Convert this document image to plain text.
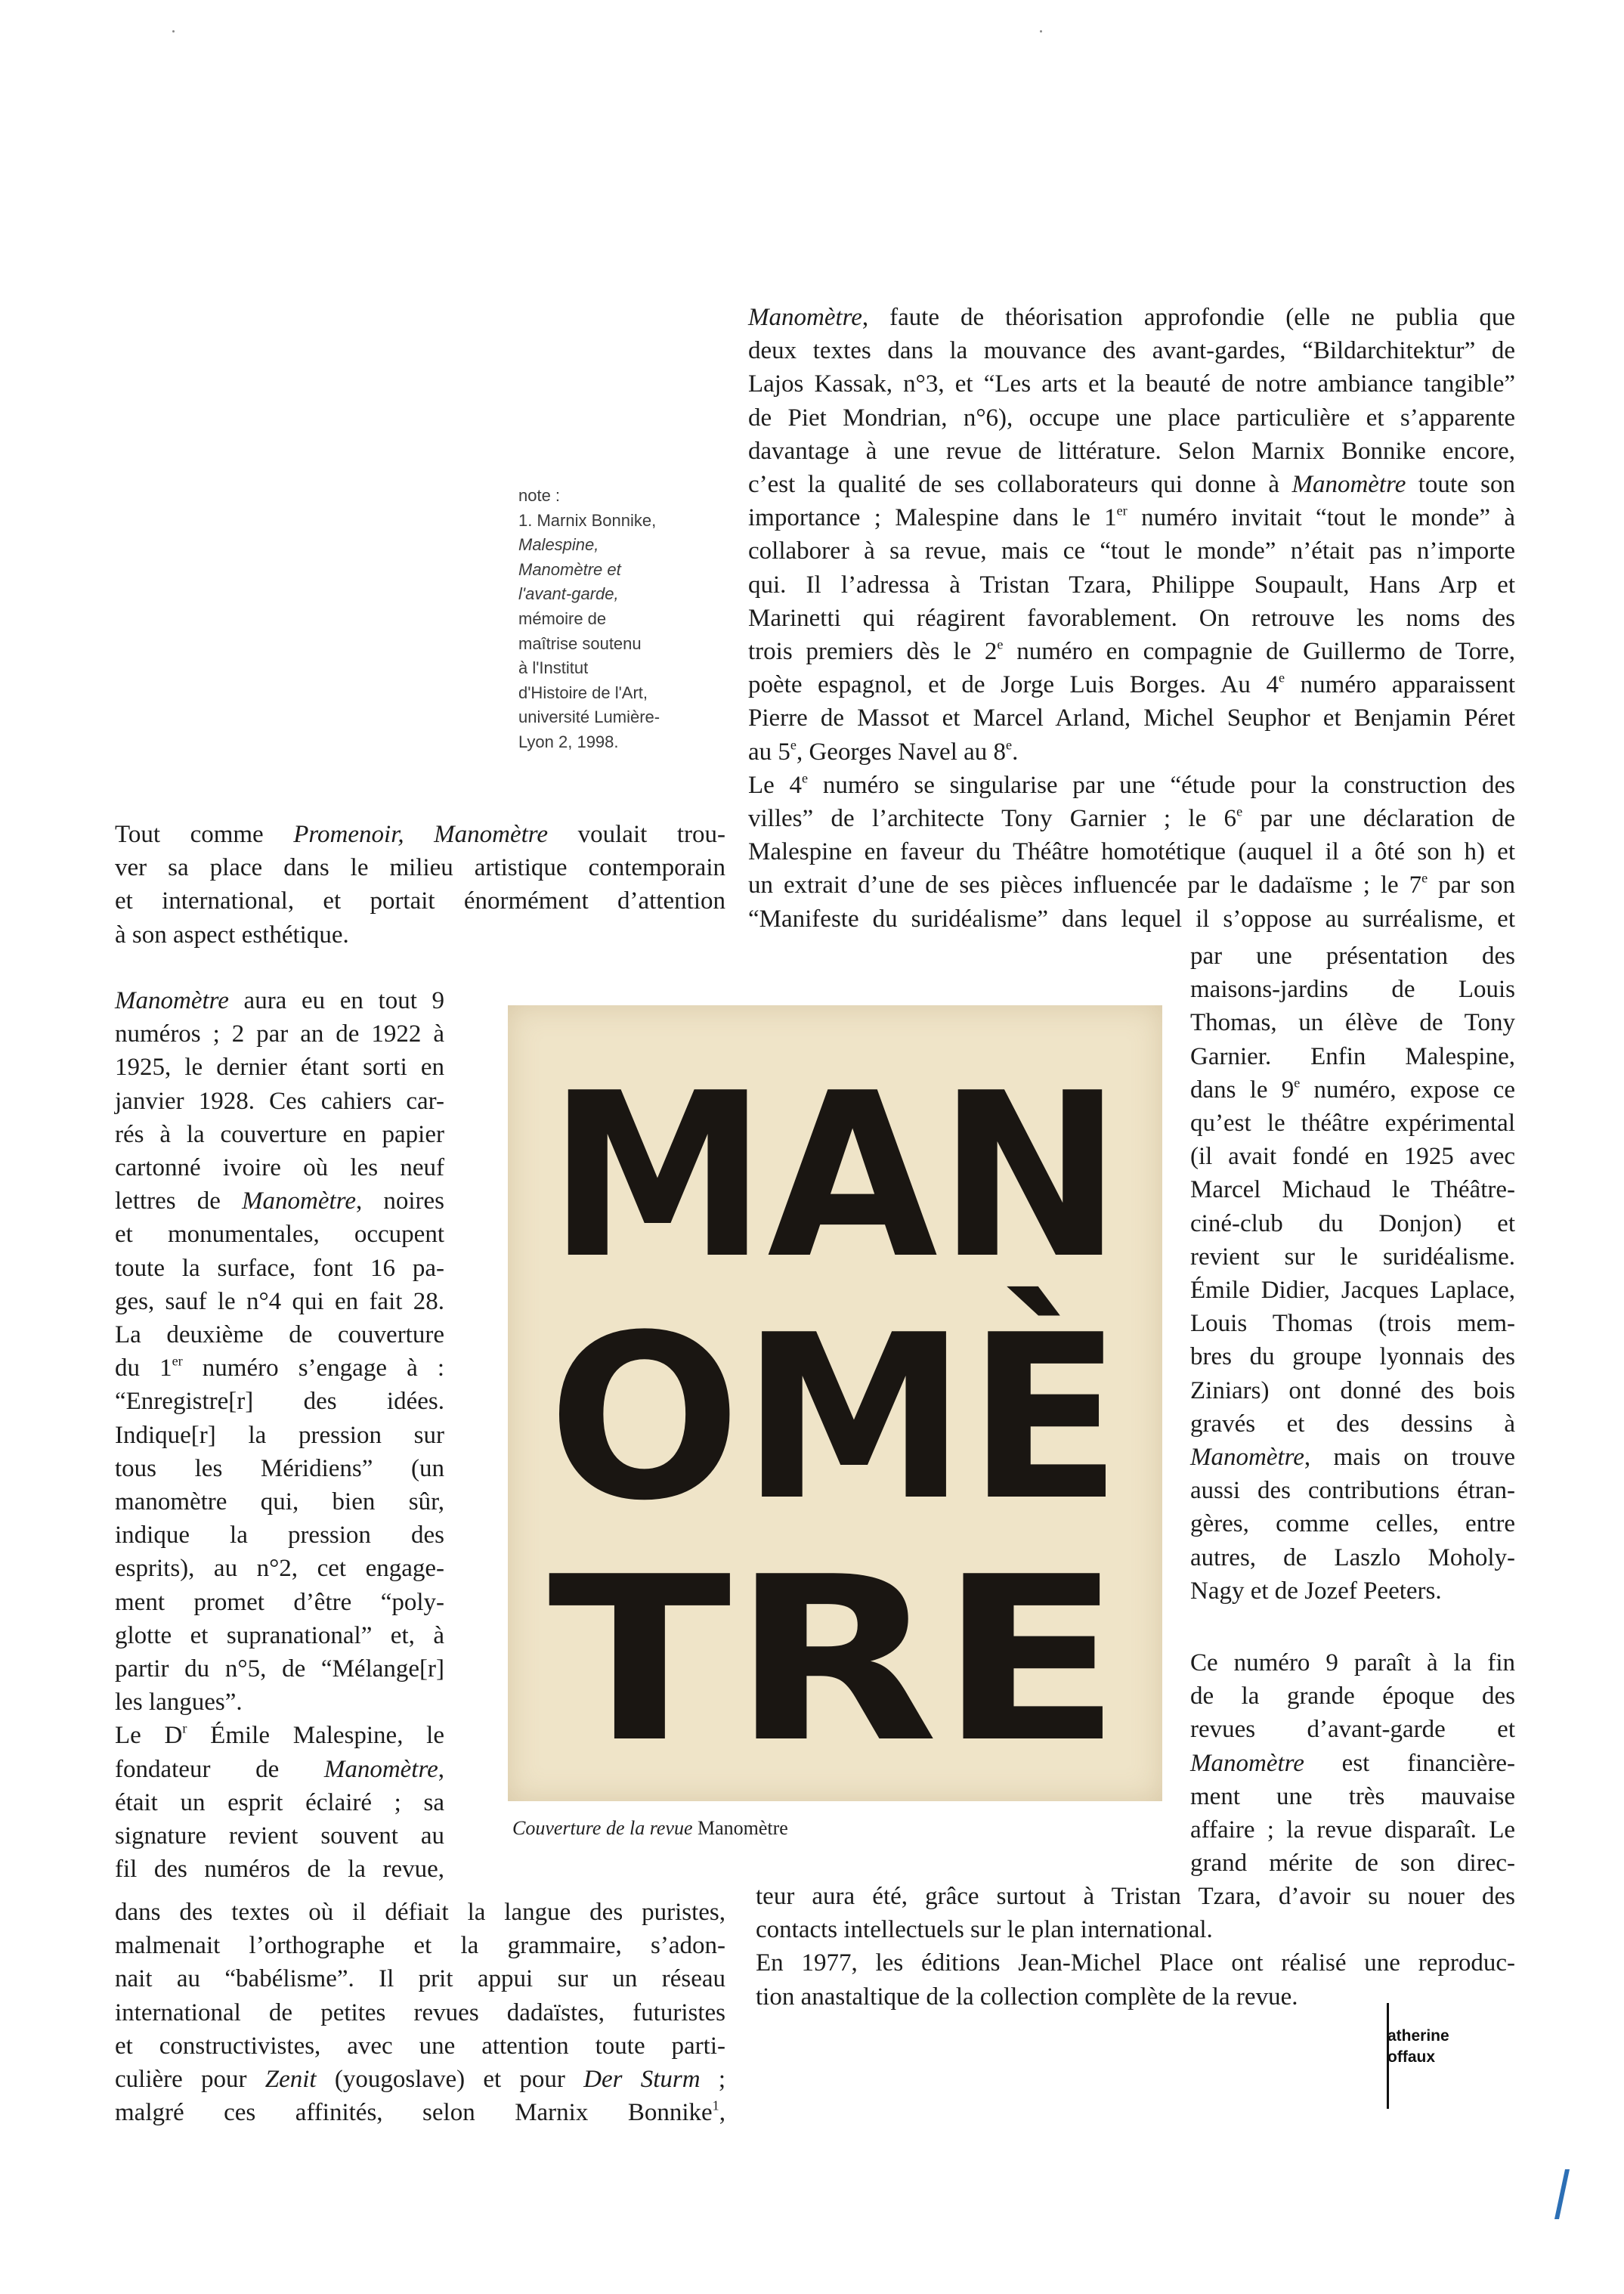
note :
1. Marnix Bonnike,
Malespine,
Manomètre et
l'avant-garde,
mémoire de
maîtrise soutenu
à l'Institut
d'Histoire de l'Art,
université Lumière-
Lyon 2, 1998.
Manomètre, faute de théorisation approfondie (elle ne publia que
deux textes dans la mouvance des avant-gardes, “Bildarchitektur” de
Lajos Kassak, n°3, et “Les arts et la beauté de notre ambiance tangible”
de Piet Mondrian, n°6), occupe une place particulière et s’apparente
davantage à une revue de littérature. Selon Marnix Bonnike encore,
c’est la qualité de ses collaborateurs qui donne à Manomètre toute son
importance ; Malespine dans le 1er numéro invitait “tout le monde” à
collaborer à sa revue, mais ce “tout le monde” n’était pas n’importe
qui. Il l’adressa à Tristan Tzara, Philippe Soupault, Hans Arp et
Marinetti qui réagirent favorablement. On retrouve les noms des
trois premiers dès le 2e numéro en compagnie de Guillermo de Torre,
poète espagnol, et de Jorge Luis Borges. Au 4e numéro apparaissent
Pierre de Massot et Marcel Arland, Michel Seuphor et Benjamin Péret
au 5e, Georges Navel au 8e.
Le 4e numéro se singularise par une “étude pour la construction des
villes” de l’architecte Tony Garnier ; le 6e par une déclaration de
Malespine en faveur du Théâtre homotétique (auquel il a ôté son h) et
un extrait d’une de ses pièces influencée par le dadaïsme ; le 7e par son
“Manifeste du suridéalisme” dans lequel il s’oppose au surréalisme, et
Tout comme Promenoir, Manomètre voulait trou-
ver sa place dans le milieu artistique contemporain
et international, et portait énormément d’attention
à son aspect esthétique.
Manomètre aura eu en tout 9
numéros ; 2 par an de 1922 à
1925, le dernier étant sorti en
janvier 1928. Ces cahiers car-
rés à la couverture en papier
cartonné ivoire où les neuf
lettres de Manomètre, noires
et monumentales, occupent
toute la surface, font 16 pa-
ges, sauf le n°4 qui en fait 28.
La deuxième de couverture
du 1er numéro s’engage à :
“Enregistre[r] des idées.
Indique[r] la pression sur
tous les Méridiens” (un
manomètre qui, bien sûr,
indique la pression des
esprits), au n°2, cet engage-
ment promet d’être “poly-
glotte et supranational” et, à
partir du n°5, de “Mélange[r]
les langues”.
Le $D^r$ Émile Malespine, le
fondateur de Manomètre,
était un esprit éclairé ; sa
signature revient souvent au
fil des numéros de la revue,
dans des textes où il défiait la langue des puristes,
malmenait l’orthographe et la grammaire, s’adon-
nait au “babélisme”. Il prit appui sur un réseau
international de petites revues dadaïstes, futuristes
et constructivistes, avec une attention toute parti-
culière pour Zenit (yougoslave) et pour Der Sturm ;
malgré ces affinités, selon Marnix Bonnike$^1$,
par une présentation des
maisons-jardins de Louis
Thomas, un élève de Tony
Garnier. Enfin Malespine,
dans le 9e numéro, expose ce
qu’est le théâtre expérimental
(il avait fondé en 1925 avec
Marcel Michaud le Théâtre-
ciné-club du Donjon) et
revient sur le suridéalisme.
Émile Didier, Jacques Laplace,
Louis Thomas (trois mem-
bres du groupe lyonnais des
Ziniars) ont donné des bois
gravés et des dessins à
Manomètre, mais on trouve
aussi des contributions étran-
gères, comme celles, entre
autres, de Laszlo Moholy-
Nagy et de Jozef Peeters.
Ce numéro 9 paraît à la fin
de la grande époque des
revues d’avant-garde et
Manomètre est financière-
ment une très mauvaise
affaire ; la revue disparaît. Le
grand mérite de son direc-
teur aura été, grâce surtout à Tristan Tzara, d’avoir su nouer des
contacts intellectuels sur le plan international.
En 1977, les éditions Jean-Michel Place ont réalisé une reproduc-
tion anastaltique de la collection complète de la revue.
MAN
OMÈ
TRE
Couverture de la revue Manomètre
atherine
offaux
